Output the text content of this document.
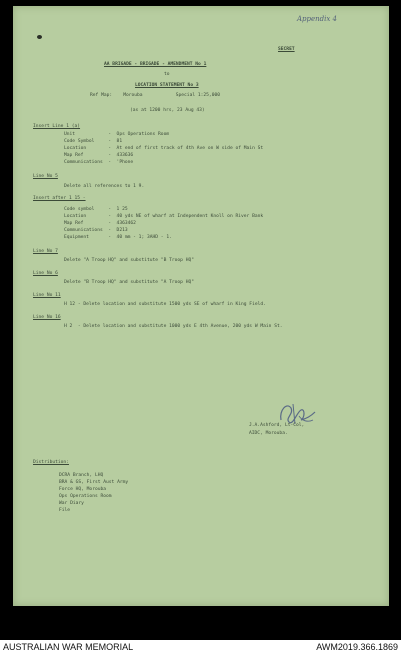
Appendix 4
SECRET
AA BRIGADE - BRIGADE - AMENDMENT No 1
to
LOCATION STATEMENT No 3
Ref Map:    Morouba            Special 1:25,000
(as at 1200 hrs, 23 Aug 43)
Insert Line 1 (a)
Unit            -  Ops Operations Room
Code Symbol     -  81
Location        -  At end of first track of 4th Ave on W side of Main St
Map Ref         -  433636
Communications  -  'Phone
Line No 5
Delete all references to 1 9.
Insert after 1 15 -
Code symbol     -  1 25
Location        -  40 yds NE of wharf at Independent Knoll on River Bank
Map Ref         -  4363462
Communications  -  D213
Equipment       -  40 mm - 1; 3AHD - 1.
Line No 7
Delete "A Troop HQ" and substitute "B Troop HQ"
Line No 6
Delete "B Troop HQ" and substitute "A Troop HQ"
Line No 11
H 12 - Delete location and substitute 1500 yds SE of wharf in King Field.
Line No 16
H 2  - Delete location and substitute 1000 yds E 4th Avenue, 200 yds W Main St.
J.A.Ashford, Lt-Col,
AIDC, Morouba.
Distribution:
DCRA Branch, LHQ
BRA & GS, First Aust Army
Force HQ, Morouba
Ops Operations Room
War Diary
File
AUSTRALIAN WAR MEMORIAL	AWM2019.366.1869
